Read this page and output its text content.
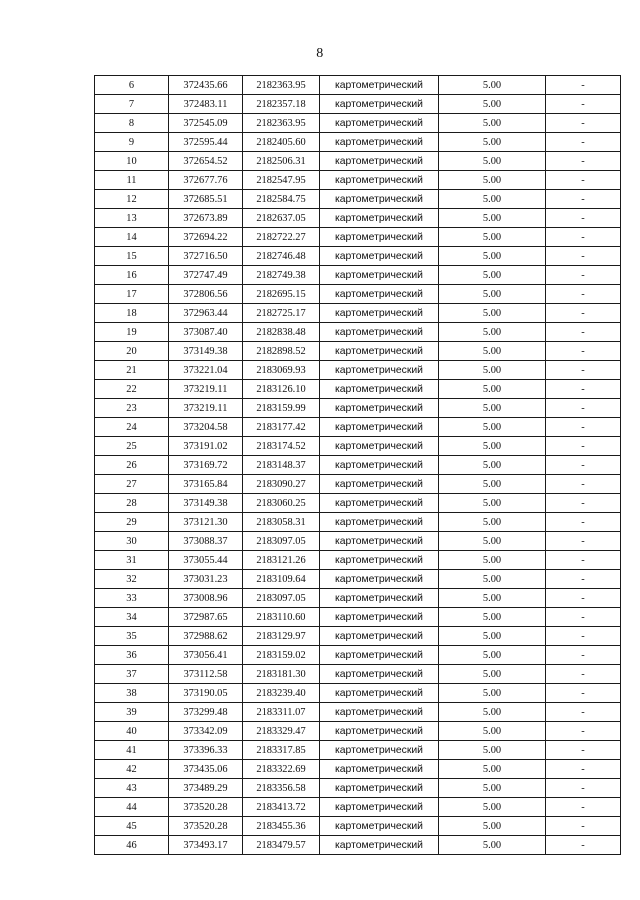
8
6	372435.66	2182363.95	картометрический	5.00	-
7	372483.11	2182357.18	картометрический	5.00	-
8	372545.09	2182363.95	картометрический	5.00	-
9	372595.44	2182405.60	картометрический	5.00	-
10	372654.52	2182506.31	картометрический	5.00	-
11	372677.76	2182547.95	картометрический	5.00	-
12	372685.51	2182584.75	картометрический	5.00	-
13	372673.89	2182637.05	картометрический	5.00	-
14	372694.22	2182722.27	картометрический	5.00	-
15	372716.50	2182746.48	картометрический	5.00	-
16	372747.49	2182749.38	картометрический	5.00	-
17	372806.56	2182695.15	картометрический	5.00	-
18	372963.44	2182725.17	картометрический	5.00	-
19	373087.40	2182838.48	картометрический	5.00	-
20	373149.38	2182898.52	картометрический	5.00	-
21	373221.04	2183069.93	картометрический	5.00	-
22	373219.11	2183126.10	картометрический	5.00	-
23	373219.11	2183159.99	картометрический	5.00	-
24	373204.58	2183177.42	картометрический	5.00	-
25	373191.02	2183174.52	картометрический	5.00	-
26	373169.72	2183148.37	картометрический	5.00	-
27	373165.84	2183090.27	картометрический	5.00	-
28	373149.38	2183060.25	картометрический	5.00	-
29	373121.30	2183058.31	картометрический	5.00	-
30	373088.37	2183097.05	картометрический	5.00	-
31	373055.44	2183121.26	картометрический	5.00	-
32	373031.23	2183109.64	картометрический	5.00	-
33	373008.96	2183097.05	картометрический	5.00	-
34	372987.65	2183110.60	картометрический	5.00	-
35	372988.62	2183129.97	картометрический	5.00	-
36	373056.41	2183159.02	картометрический	5.00	-
37	373112.58	2183181.30	картометрический	5.00	-
38	373190.05	2183239.40	картометрический	5.00	-
39	373299.48	2183311.07	картометрический	5.00	-
40	373342.09	2183329.47	картометрический	5.00	-
41	373396.33	2183317.85	картометрический	5.00	-
42	373435.06	2183322.69	картометрический	5.00	-
43	373489.29	2183356.58	картометрический	5.00	-
44	373520.28	2183413.72	картометрический	5.00	-
45	373520.28	2183455.36	картометрический	5.00	-
46	373493.17	2183479.57	картометрический	5.00	-
